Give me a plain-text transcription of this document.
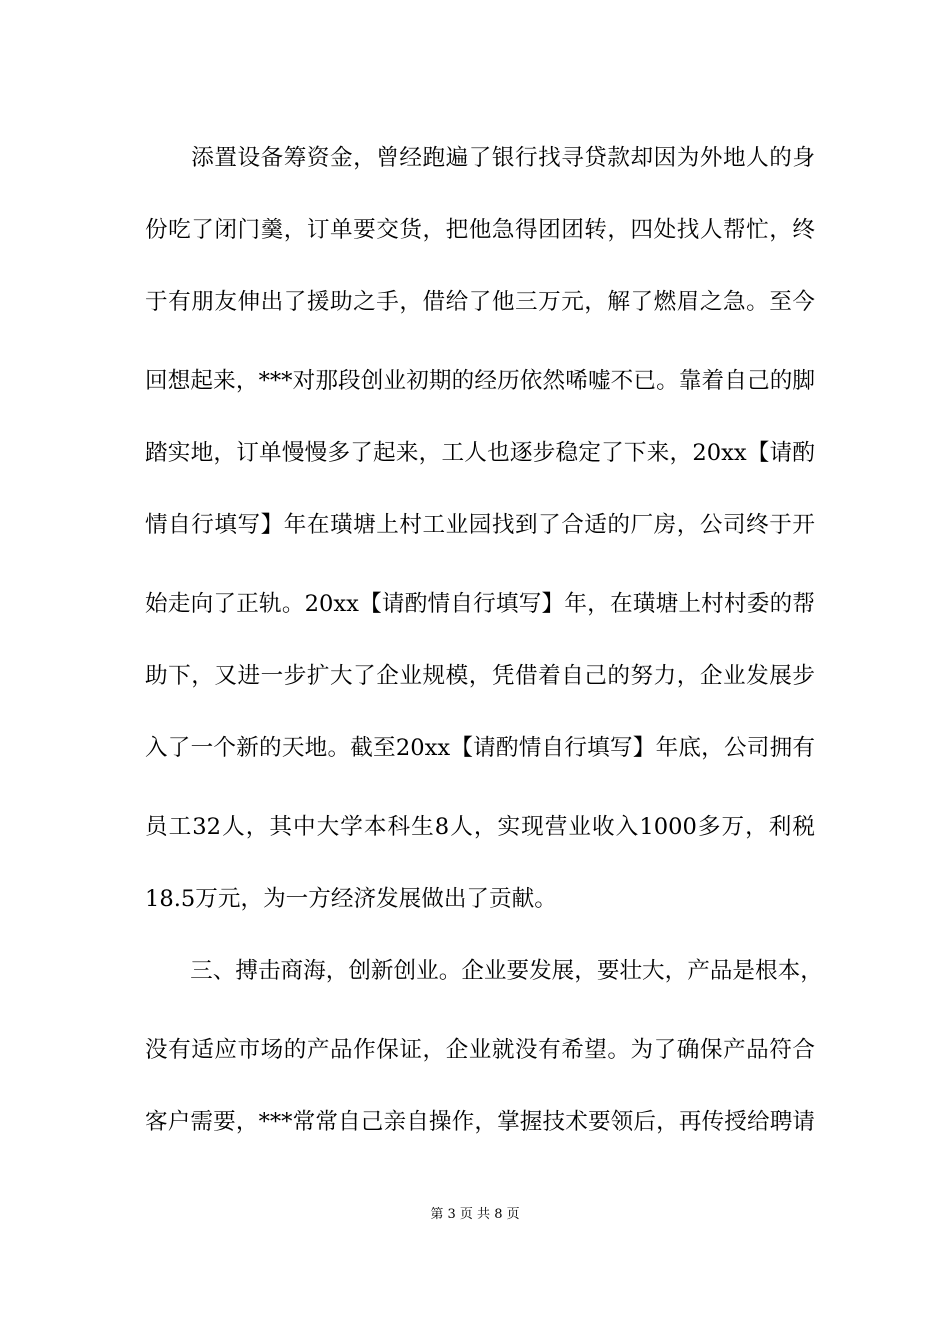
　　添置设备筹资金，曾经跑遍了银行找寻贷款却因为外地人的身
份吃了闭门羹，订单要交货，把他急得团团转，四处找人帮忙，终
于有朋友伸出了援助之手，借给了他三万元，解了燃眉之急。至今
回想起来，***对那段创业初期的经历依然唏嘘不已。靠着自己的脚
踏实地，订单慢慢多了起来，工人也逐步稳定了下来，20xx【请酌
情自行填写】年在璜塘上村工业园找到了合适的厂房，公司终于开
始走向了正轨。20xx【请酌情自行填写】年，在璜塘上村村委的帮
助下，又进一步扩大了企业规模，凭借着自己的努力，企业发展步
入了一个新的天地。截至20xx【请酌情自行填写】年底，公司拥有
员工32人，其中大学本科生8人，实现营业收入1000多万，利税
18.5万元，为一方经济发展做出了贡献。
　　三、搏击商海，创新创业。企业要发展，要壮大，产品是根本，
没有适应市场的产品作保证，企业就没有希望。为了确保产品符合
客户需要，***常常自己亲自操作，掌握技术要领后，再传授给聘请
第 3 页 共 8 页
